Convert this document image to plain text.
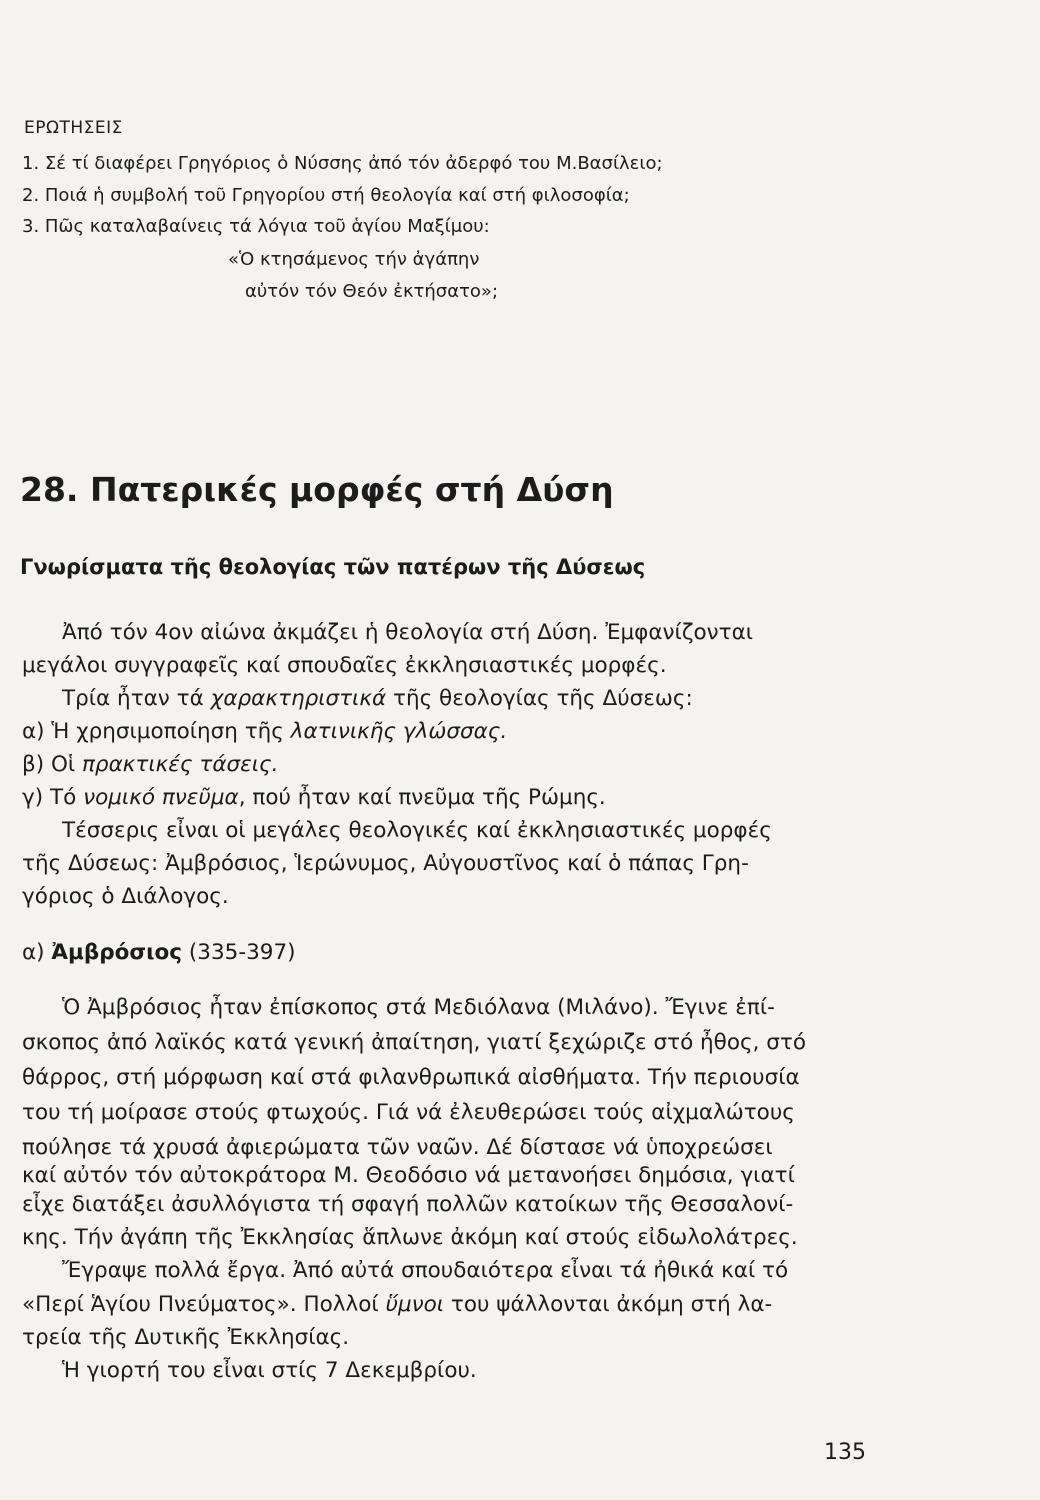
ΕΡΩΤΗΣΕΙΣ
1. Σέ τί διαφέρει Γρηγόριος ὁ Νύσσης ἀπό τόν ἀδερφό του Μ.Βασίλειο;
2. Ποιά ἡ συμβολή τοῦ Γρηγορίου στή θεολογία καί στή φιλοσοφία;
3. Πῶς καταλαβαίνεις τά λόγια τοῦ ἁγίου Μαξίμου:
«Ὁ κτησάμενος τήν ἀγάπην
αὐτόν τόν Θεόν ἐκτήσατο»;
28. Πατερικές μορφές στή Δύση
Γνωρίσματα τῆς θεολογίας τῶν πατέρων τῆς Δύσεως
Ἀπό τόν 4ον αἰώνα ἀκμάζει ἡ θεολογία στή Δύση. Ἐμφανίζονται
μεγάλοι συγγραφεῖς καί σπουδαῖες ἐκκλησιαστικές μορφές.
Τρία ἦταν τά χαρακτηριστικά τῆς θεολογίας τῆς Δύσεως:
α) Ἡ χρησιμοποίηση τῆς λατινικῆς γλώσσας.
β) Οἱ πρακτικές τάσεις.
γ) Τό νομικό πνεῦμα, πού ἦταν καί πνεῦμα τῆς Ρώμης.
Τέσσερις εἶναι οἱ μεγάλες θεολογικές καί ἐκκλησιαστικές μορφές
τῆς Δύσεως: Ἀμβρόσιος, Ἱερώνυμος, Αὐγουστῖνος καί ὁ πάπας Γρη-
γόριος ὁ Διάλογος.
α) Ἀμβρόσιος (335-397)
Ὁ Ἀμβρόσιος ἦταν ἐπίσκοπος στά Μεδιόλανα (Μιλάνο). Ἔγινε ἐπί-
σκοπος ἀπό λαϊκός κατά γενική ἀπαίτηση, γιατί ξεχώριζε στό ἦθος, στό
θάρρος, στή μόρφωση καί στά φιλανθρωπικά αἰσθήματα. Τήν περιουσία
του τή μοίρασε στούς φτωχούς. Γιά νά ἐλευθερώσει τούς αἰχμαλώτους
πούλησε τά χρυσά ἀφιερώματα τῶν ναῶν. Δέ δίστασε νά ὑποχρεώσει
καί αὐτόν τόν αὐτοκράτορα Μ. Θεοδόσιο νά μετανοήσει δημόσια, γιατί
εἶχε διατάξει ἀσυλλόγιστα τή σφαγή πολλῶν κατοίκων τῆς Θεσσαλονί-
κης. Τήν ἀγάπη τῆς Ἐκκλησίας ἅπλωνε ἀκόμη καί στούς εἰδωλολάτρες.
Ἔγραψε πολλά ἔργα. Ἀπό αὐτά σπουδαιότερα εἶναι τά ἠθικά καί τό
«Περί Ἁγίου Πνεύματος». Πολλοί ὕμνοι του ψάλλονται ἀκόμη στή λα-
τρεία τῆς Δυτικῆς Ἐκκλησίας.
Ἡ γιορτή του εἶναι στίς 7 Δεκεμβρίου.
135
